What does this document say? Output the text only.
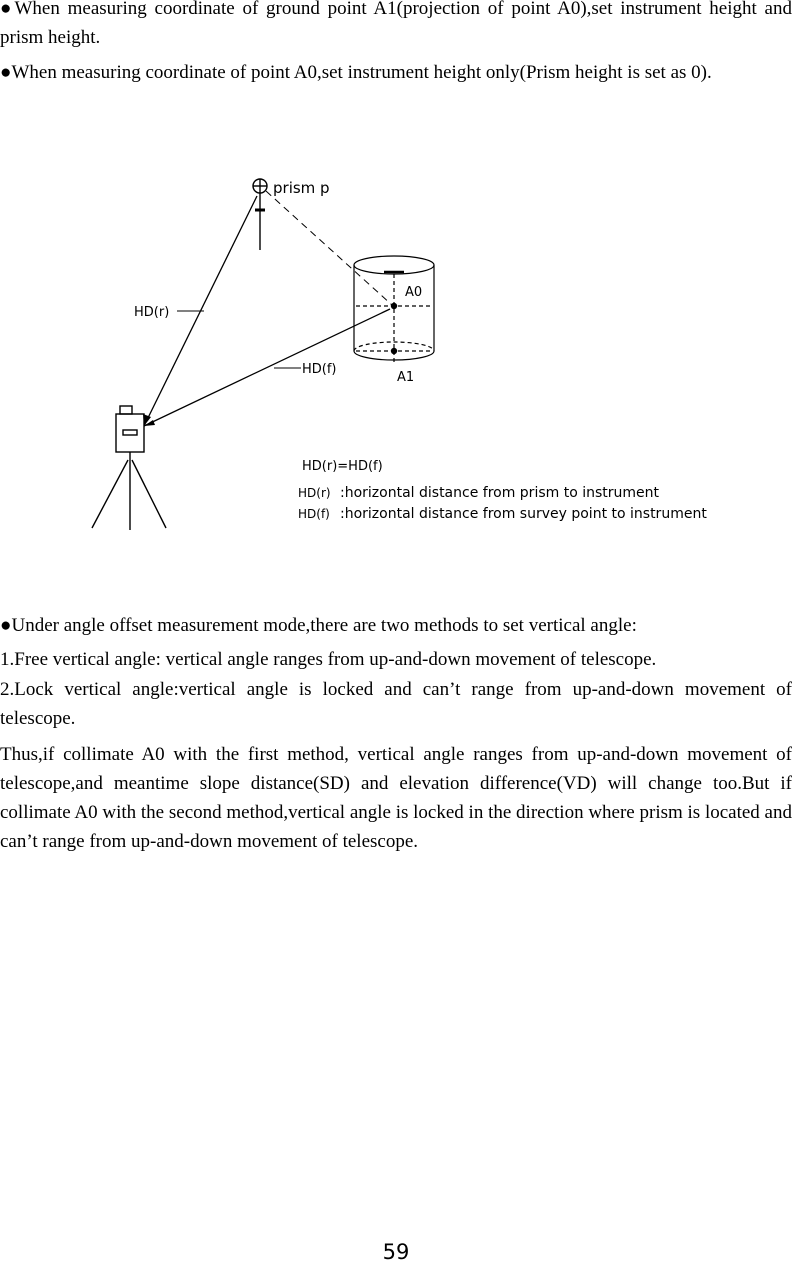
●When measuring coordinate of ground point A1(projection of point A0),set instrument height and prism height.

●When measuring coordinate of point A0,set instrument height only(Prism height is set as 0).

prism p
A0
A1
HD(r)
HD(f)
HD(r)=HD(f)
HD(r) :horizontal distance from prism to instrument
HD(f) :horizontal distance from survey point to instrument

●Under angle offset measurement mode,there are two methods to set vertical angle:

1.Free vertical angle: vertical angle ranges from up-and-down movement of telescope.

2.Lock vertical angle:vertical angle is locked and can’t range from up-and-down movement of telescope.

Thus,if collimate A0 with the first method, vertical angle ranges from up-and-down movement of telescope,and meantime slope distance(SD) and elevation difference(VD) will change too.But if collimate A0 with the second method,vertical angle is locked in the direction where prism is located and can’t range from up-and-down movement of telescope.

59
